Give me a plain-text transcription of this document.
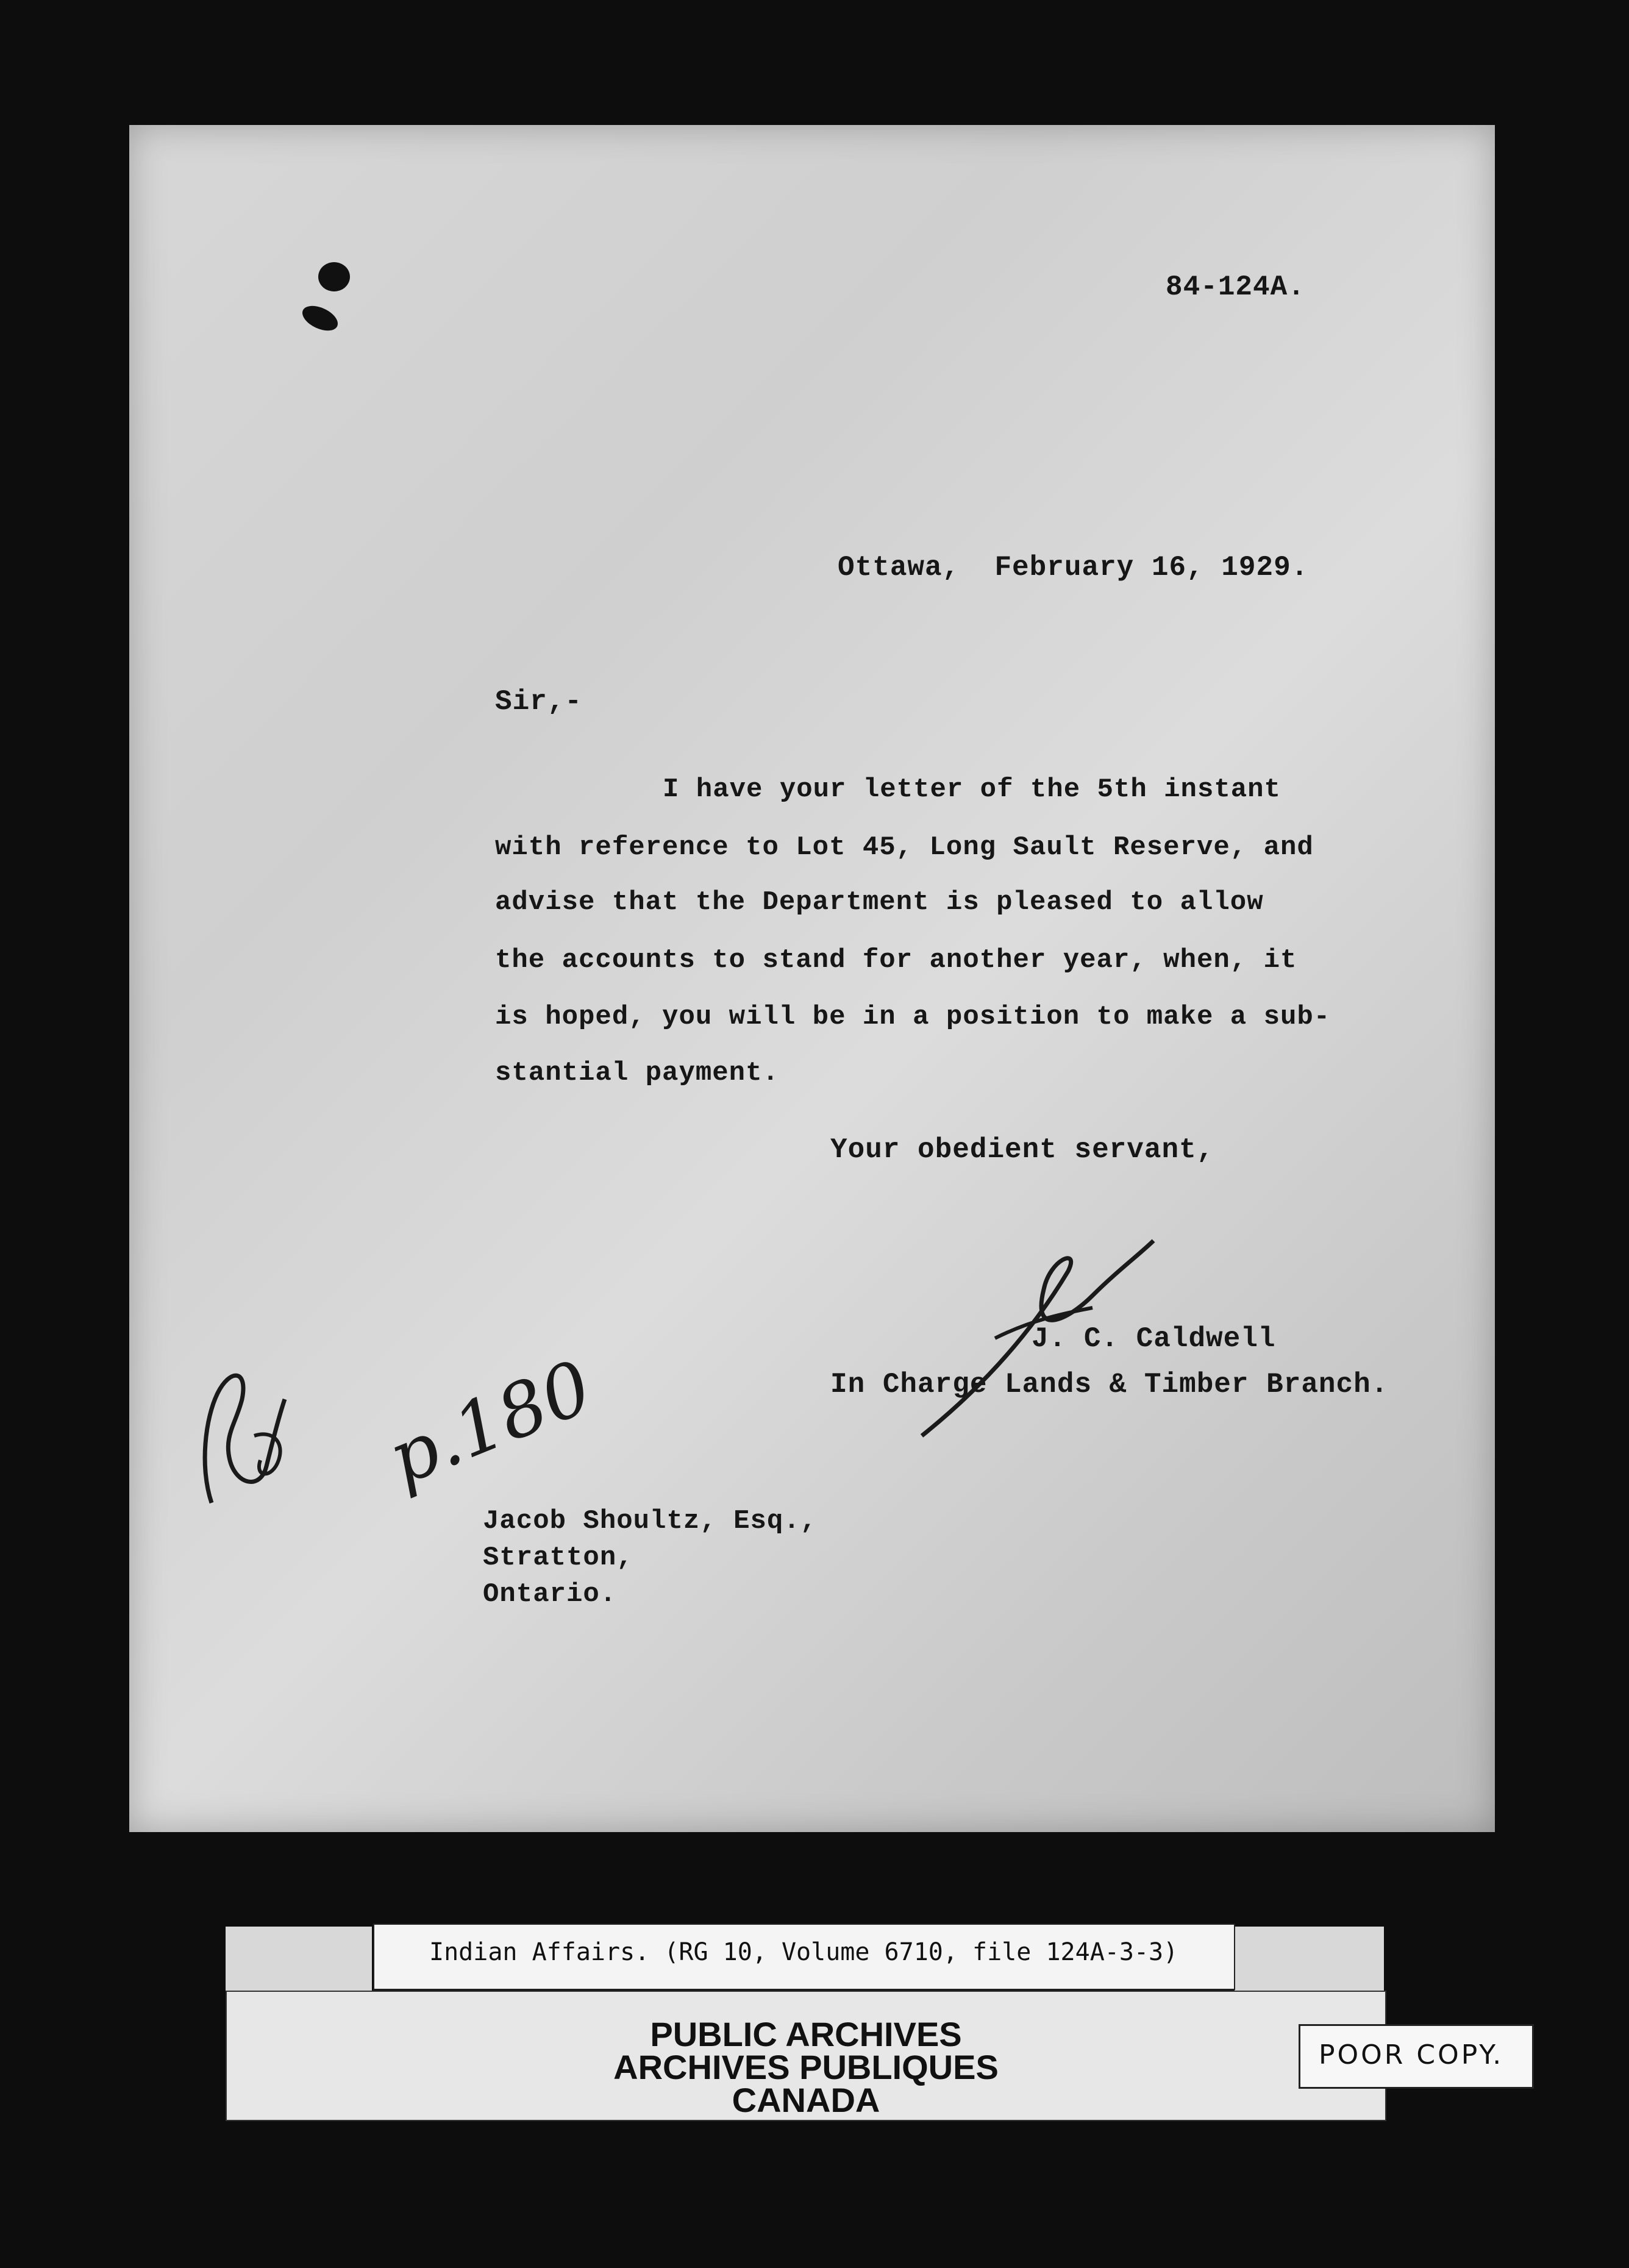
84-124A.
Ottawa,  February 16, 1929.
Sir,-
I have your letter of the 5th instant
with reference to Lot 45, Long Sault Reserve, and
advise that the Department is pleased to allow
the accounts to stand for another year, when, it
is hoped, you will be in a position to make a sub-
stantial payment.
Your obedient servant,
J. C. Caldwell
In Charge Lands & Timber Branch.
p.180
Jacob Shoultz, Esq.,
Stratton,
Ontario.
Indian Affairs. (RG 10, Volume 6710, file 124A-3-3)
PUBLIC ARCHIVES
ARCHIVES PUBLIQUES
CANADA
POOR COPY.
